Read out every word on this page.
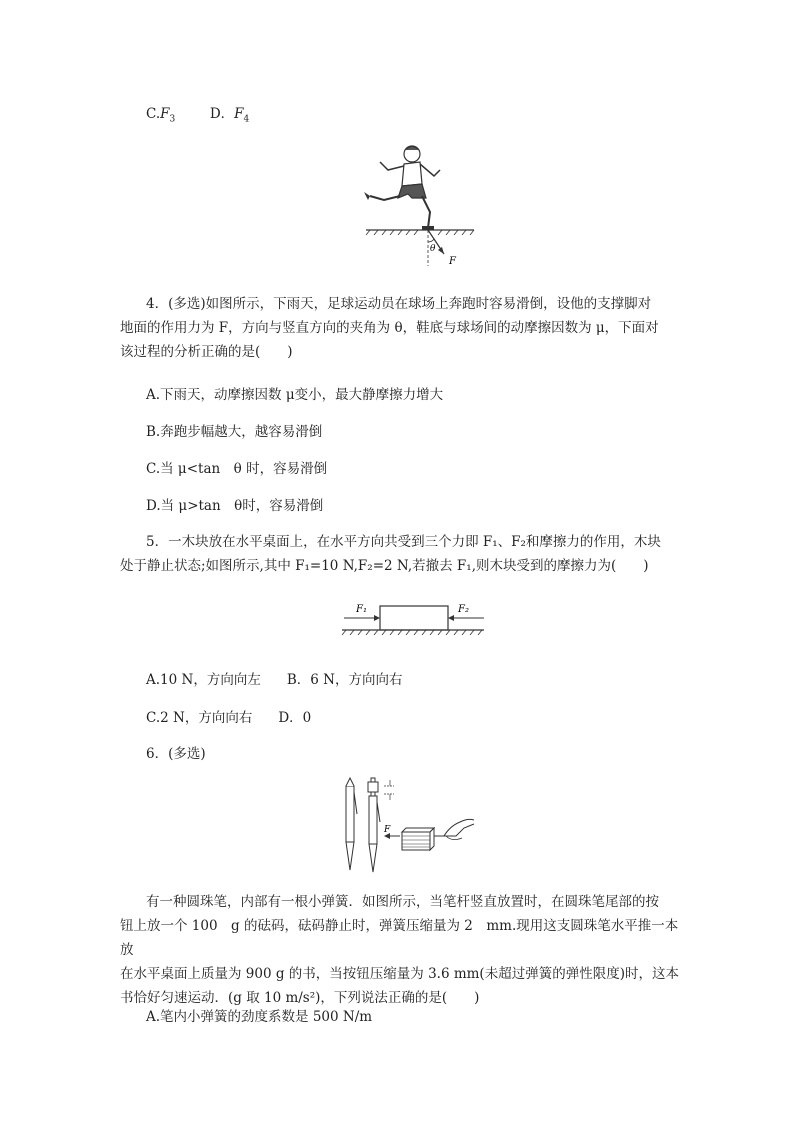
$C.F_3$	D．$F_4$
θ
F
4．(多选)如图所示，下雨天，足球运动员在球场上奔跑时容易滑倒，设他的支撑脚对
地面的作用力为 F，方向与竖直方向的夹角为 θ，鞋底与球场间的动摩擦因数为 μ，下面对
该过程的分析正确的是(　　)
A.下雨天，动摩擦因数 μ变小，最大静摩擦力增大
B.奔跑步幅越大，越容易滑倒
C.当 μ<tan　θ 时，容易滑倒
D.当 μ>tan　θ时，容易滑倒
5．一木块放在水平桌面上，在水平方向共受到三个力即 F₁、F₂和摩擦力的作用，木块
处于静止状态;如图所示,其中 F₁=10 N,F₂=2 N,若撤去 F₁,则木块受到的摩擦力为(　　)
F₁	F₂
A.10 N，方向向左 B．6 N，方向向右
C.2 N，方向向右 D．0
6．(多选)
F
有一种圆珠笔，内部有一根小弹簧．如图所示，当笔杆竖直放置时，在圆珠笔尾部的按
钮上放一个 100　g 的砝码，砝码静止时，弹簧压缩量为 2　mm.现用这支圆珠笔水平推一本放
在水平桌面上质量为 900 g 的书，当按钮压缩量为 3.6 mm(未超过弹簧的弹性限度)时，这本
书恰好匀速运动．(g 取 10 m/s²)，下列说法正确的是(　　)
A.笔内小弹簧的劲度系数是 500 N/m
